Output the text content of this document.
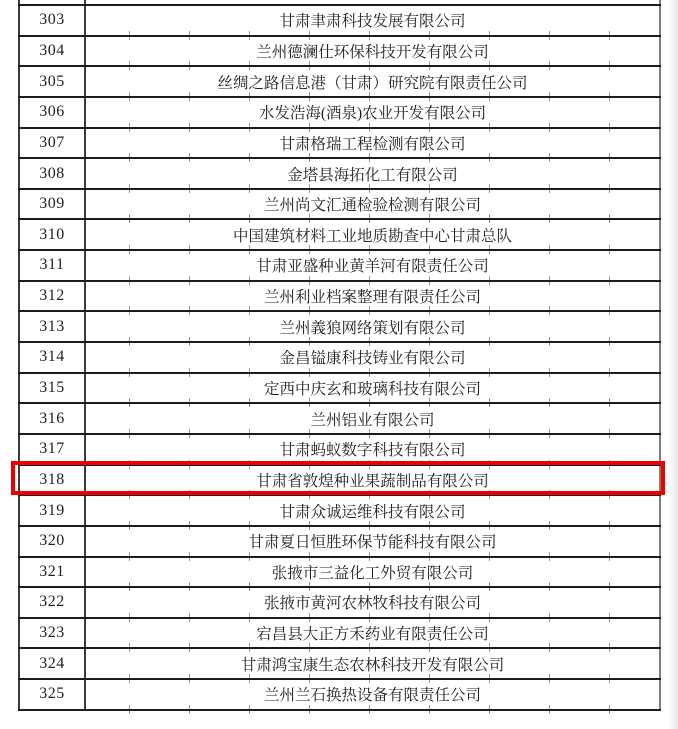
303	甘肃聿肃科技发展有限公司
304	兰州德澜仕环保科技开发有限公司
305	丝绸之路信息港（甘肃）研究院有限责任公司
306	水发浩海(酒泉)农业开发有限公司
307	甘肃格瑞工程检测有限公司
308	金塔县海拓化工有限公司
309	兰州尚文汇通检验检测有限公司
310	中国建筑材料工业地质勘查中心甘肃总队
311	甘肃亚盛种业黄羊河有限责任公司
312	兰州利业档案整理有限责任公司
313	兰州義狼网络策划有限公司
314	金昌镒康科技铸业有限公司
315	定西中庆玄和玻璃科技有限公司
316	兰州铝业有限公司
317	甘肃蚂蚁数字科技有限公司
318	甘肃省敦煌种业果蔬制品有限公司
319	甘肃众诚运维科技有限公司
320	甘肃夏日恒胜环保节能科技有限公司
321	张掖市三益化工外贸有限公司
322	张掖市黄河农林牧科技有限公司
323	宕昌县大正方禾药业有限责任公司
324	甘肃鸿宝康生态农林科技开发有限公司
325	兰州兰石换热设备有限责任公司
